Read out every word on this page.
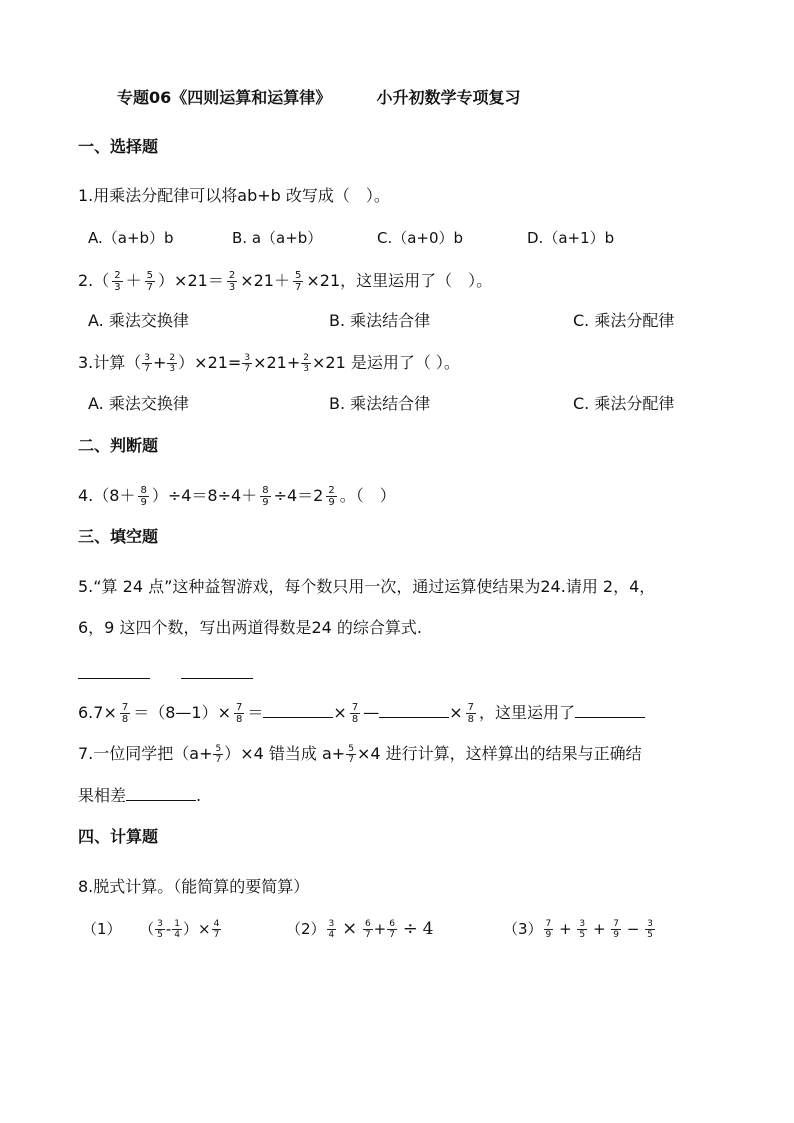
专题06《四则运算和运算律》	小升初数学专项复习
一、选择题
1.用乘法分配律可以将ab+b 改写成（　）。
A.（a+b）b	B. a（a+b）	C.（a+0）b	D.（a+1）b
$2.( \frac{2}{3} + \frac{5}{7} )\times 21= \frac{2}{3} \times 21+ \frac{5}{7} \times 21$，这里运用了（　）。
A. 乘法交换律	B. 乘法结合律	C. 乘法分配律
3.计算（ $\frac{3}{7} + \frac{2}{3} )\times 21= \frac{3}{7} \times 21+ \frac{2}{3} \times 21$ 是运用了（ ）。
A. 乘法交换律	B. 乘法结合律	C. 乘法分配律
二、判断题
$4.(8+ \frac{8}{9} )\div 4=8\div 4+ \frac{8}{9} \div 4=2 \frac{2}{9}$ 。（　）
三、填空题
5.“算 24 点”这种益智游戏，每个数只用一次，通过运算使结果为24.请用 2，4，
6，9 这四个数，写出两道得数是24 的综合算式.
$6.7\times \frac{7}{8}$ ＝（8—1）× $\frac{7}{8}$ ＝	× $\frac{7}{8}$ —	× $\frac{7}{8}$ ，这里运用了
7.一位同学把$(a+ \frac{5}{7} )\times 4$ 错当成 $a+ \frac{5}{7} \times 4$ 进行计算，这样算出的结果与正确结
果相差	.
四、计算题
8.脱式计算。（能简算的要简算）
（1） （ $\frac{3}{5} - \frac{1}{4}$ ）× $\frac{4}{7}$	$(2) \frac{3}{4} \times \frac{6}{7} + \frac{6}{7} \div 4$	$(3) \frac{7}{9} + \frac{3}{5} + \frac{7}{9} - \frac{3}{5}$
